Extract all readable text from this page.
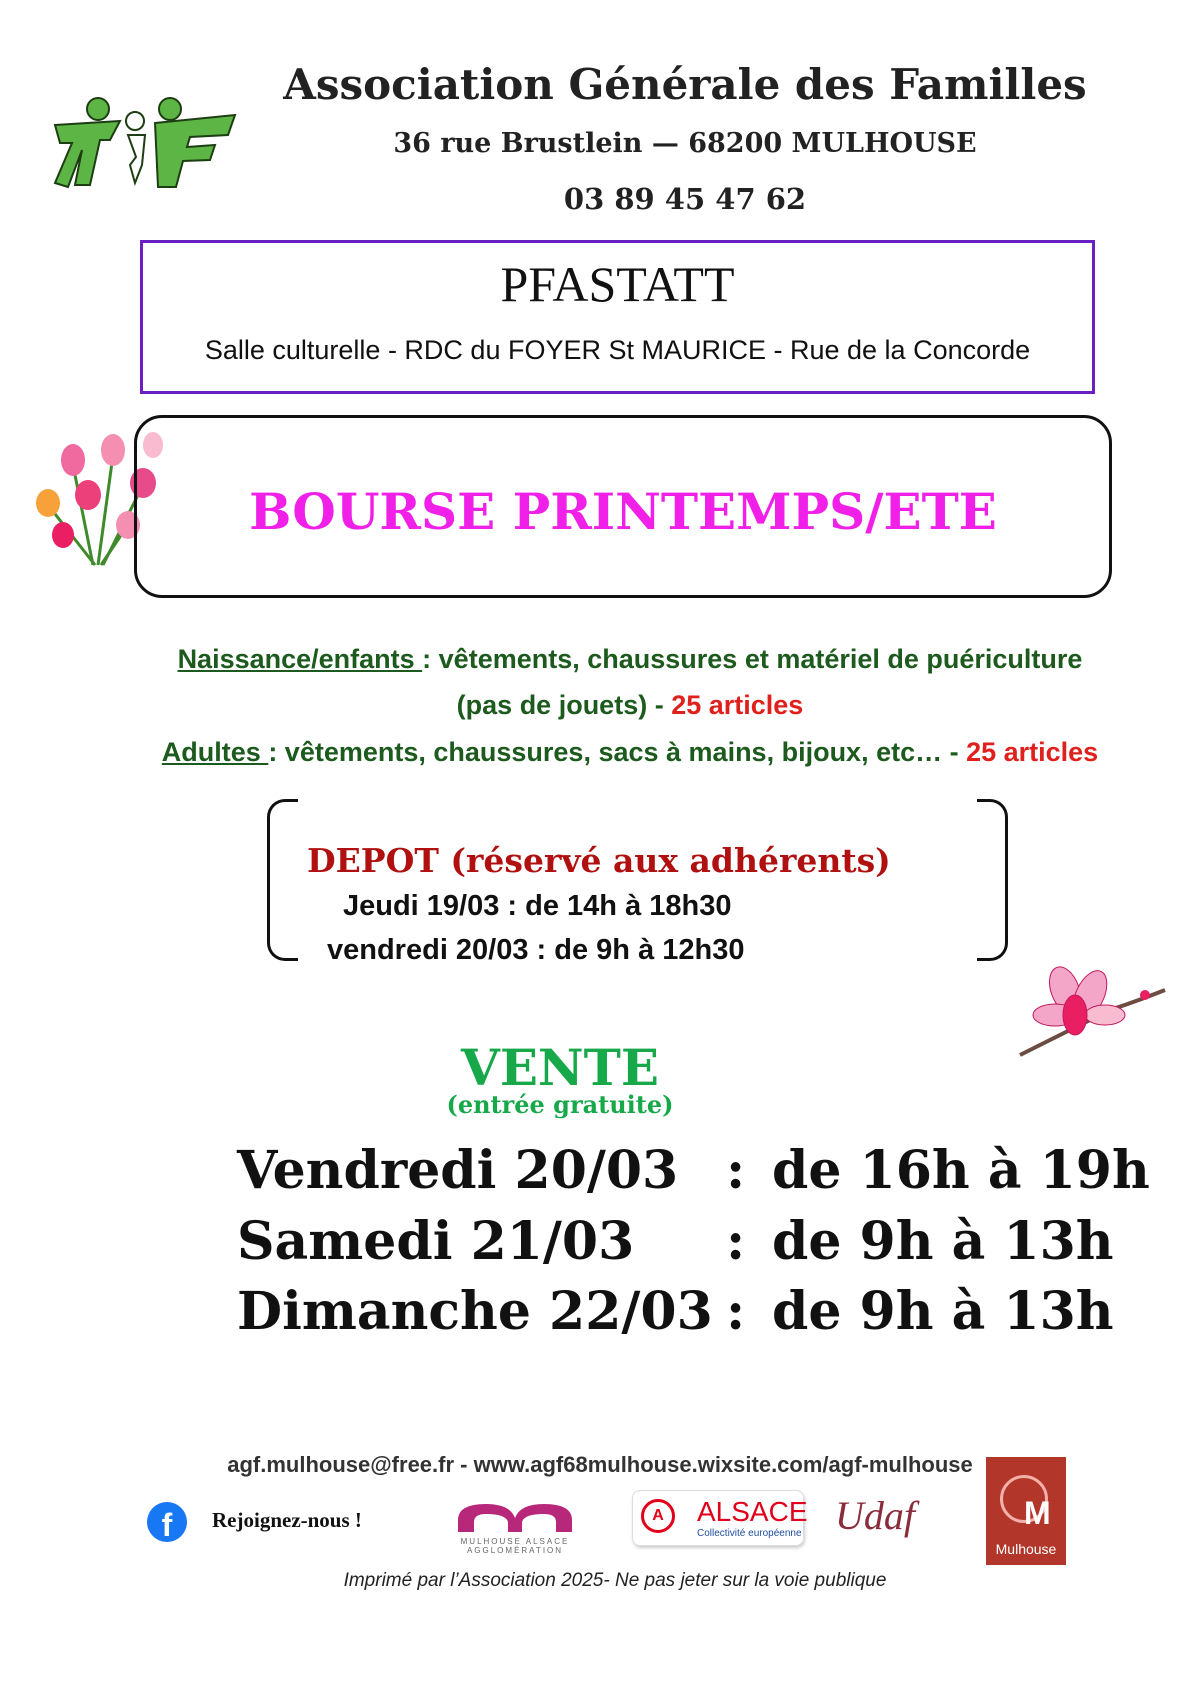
Association Générale des Familles
36 rue Brustlein — 68200 MULHOUSE
03 89 45 47 62
PFASTATT
Salle culturelle - RDC du FOYER St MAURICE - Rue de la Concorde
BOURSE PRINTEMPS/ETE
Naissance/enfants : vêtements, chaussures et matériel de puériculture
(pas de jouets) - 25 articles
Adultes : vêtements, chaussures, sacs à mains, bijoux, etc… - 25 articles
DEPOT (réservé aux adhérents)
Jeudi 19/03 : de 14h à 18h30
vendredi 20/03 : de 9h à 12h30
VENTE
(entrée gratuite)
Vendredi 20/03 : de 16h à 19h
Samedi 21/03 : de 9h à 13h
Dimanche 22/03 : de 9h à 13h
agf.mulhouse@free.fr - www.agf68mulhouse.wixsite.com/agf-mulhouse
f	Rejoignez-nous !
MULHOUSE ALSACE AGGLOMÉRATION
A	ALSACE
Collectivité européenne Udaf	M
Mulhouse
Imprimé par l’Association 2025- Ne pas jeter sur la voie publique
